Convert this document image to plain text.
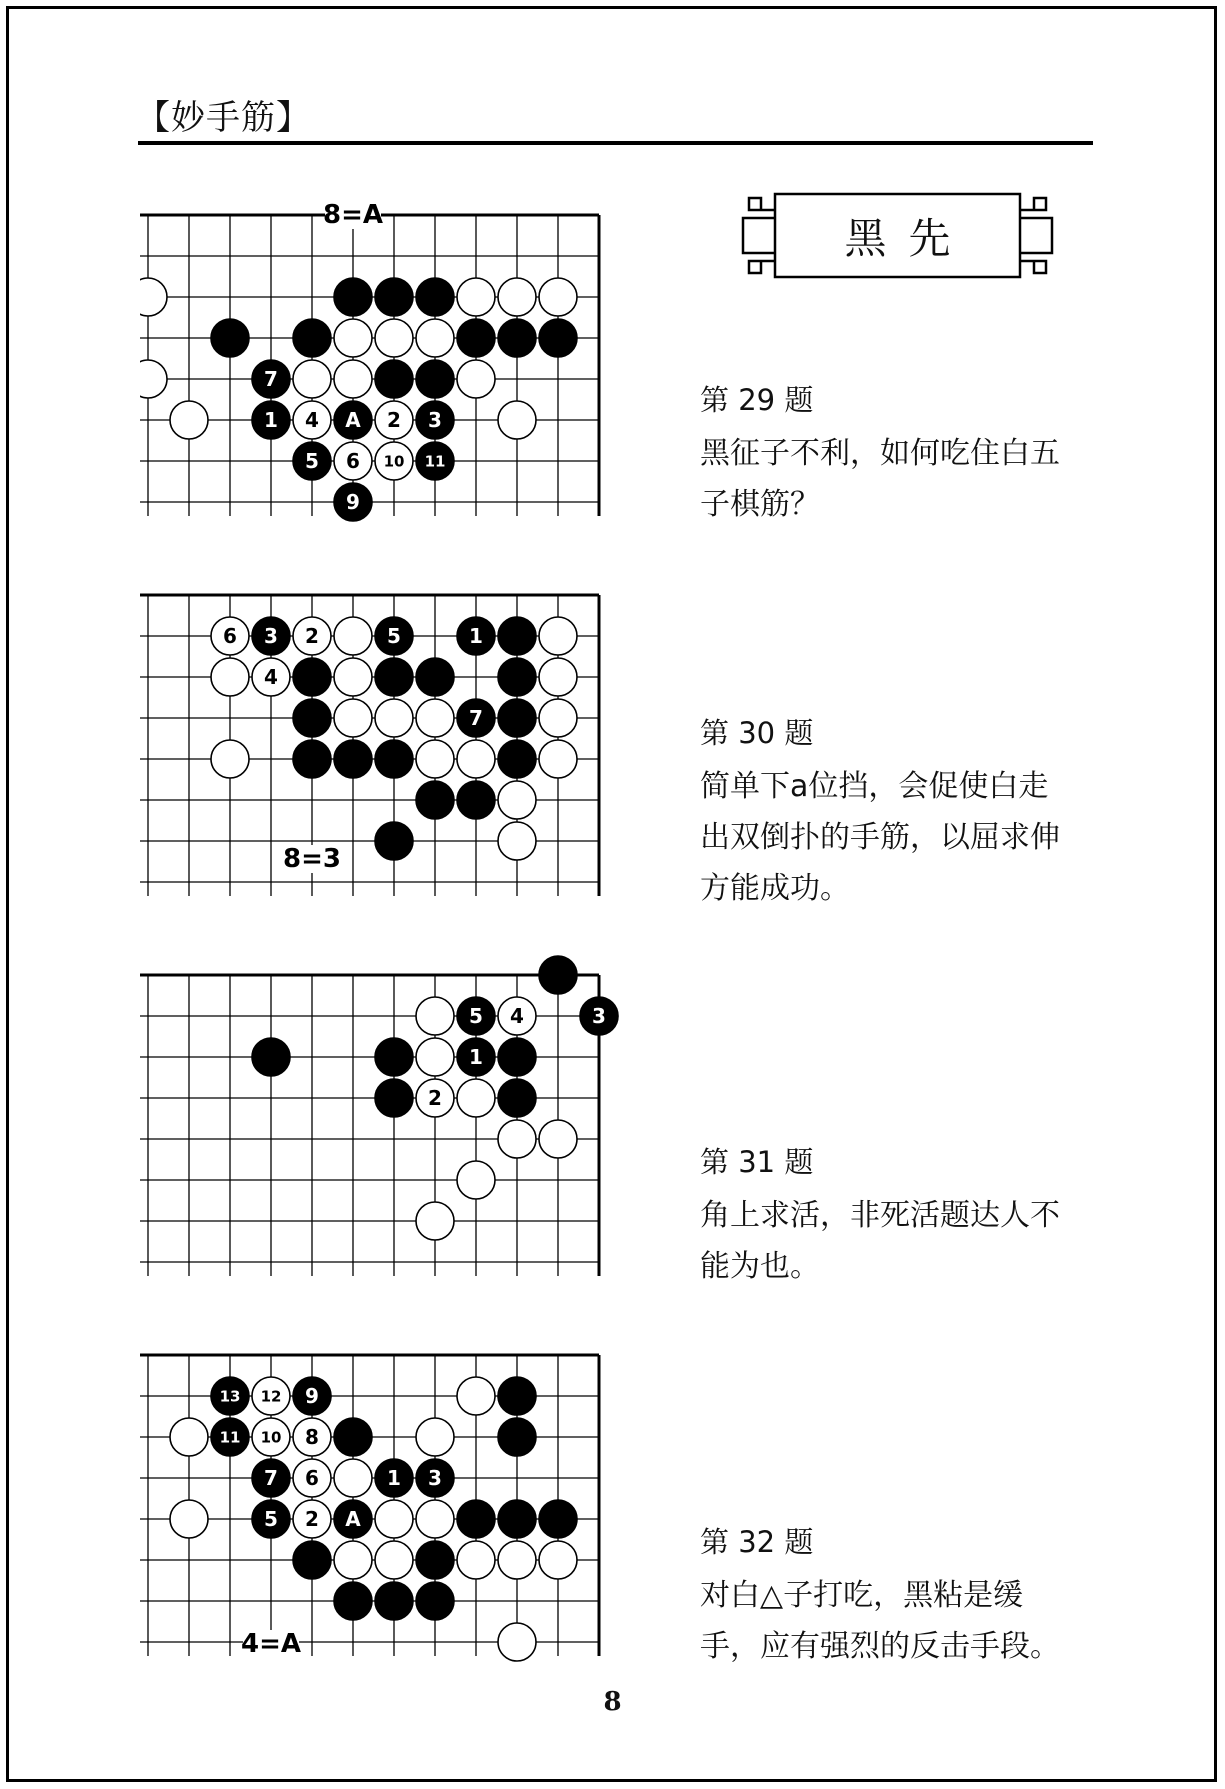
【妙手筋】
黑先
7
1 4 A 2 3
5 6 10 11
9
8=A
第 29 题
黑征子不利，如何吃住白五
子棋筋？
6 3 2	5	1
4
7
8=3
第 30 题
简单下a位挡，会促使白走
出双倒扑的手筋，以屈求伸
方能成功。
5 4	3
1
2
第 31 题
角上求活，非死活题达人不
能为也。
13 12 9
11 10 8
7 6	1 3
5 2 A
4=A
第 32 题
对白△子打吃，黑粘是缓
手，应有强烈的反击手段。
8
